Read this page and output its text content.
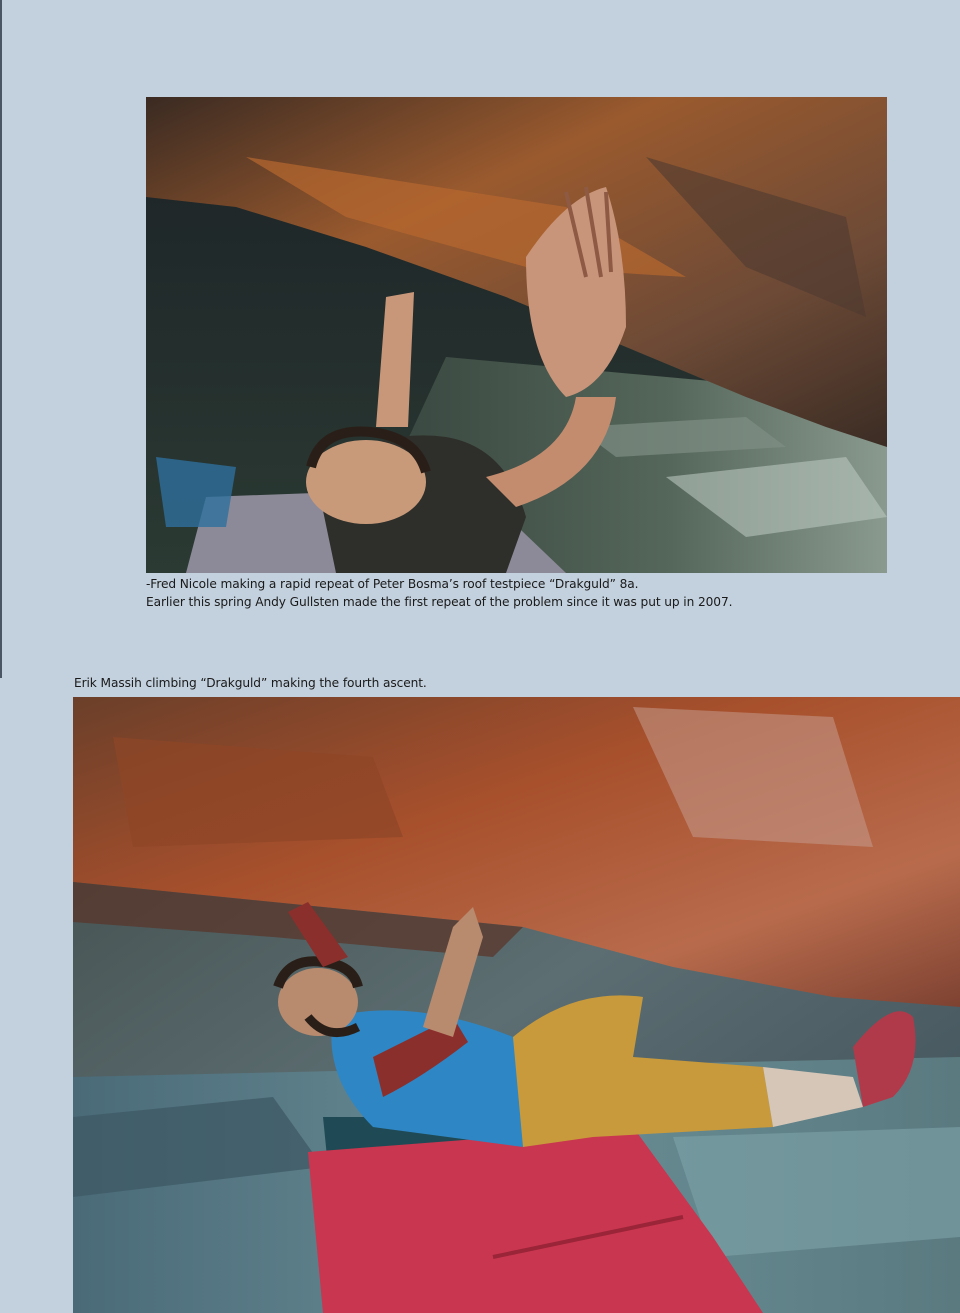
-Fred Nicole making a rapid repeat of Peter Bosma’s roof testpiece “Drakguld” 8a.
Earlier this spring Andy Gullsten made the first repeat of the problem since it was put up in 2007.
Erik Massih climbing “Drakguld” making the fourth ascent.
